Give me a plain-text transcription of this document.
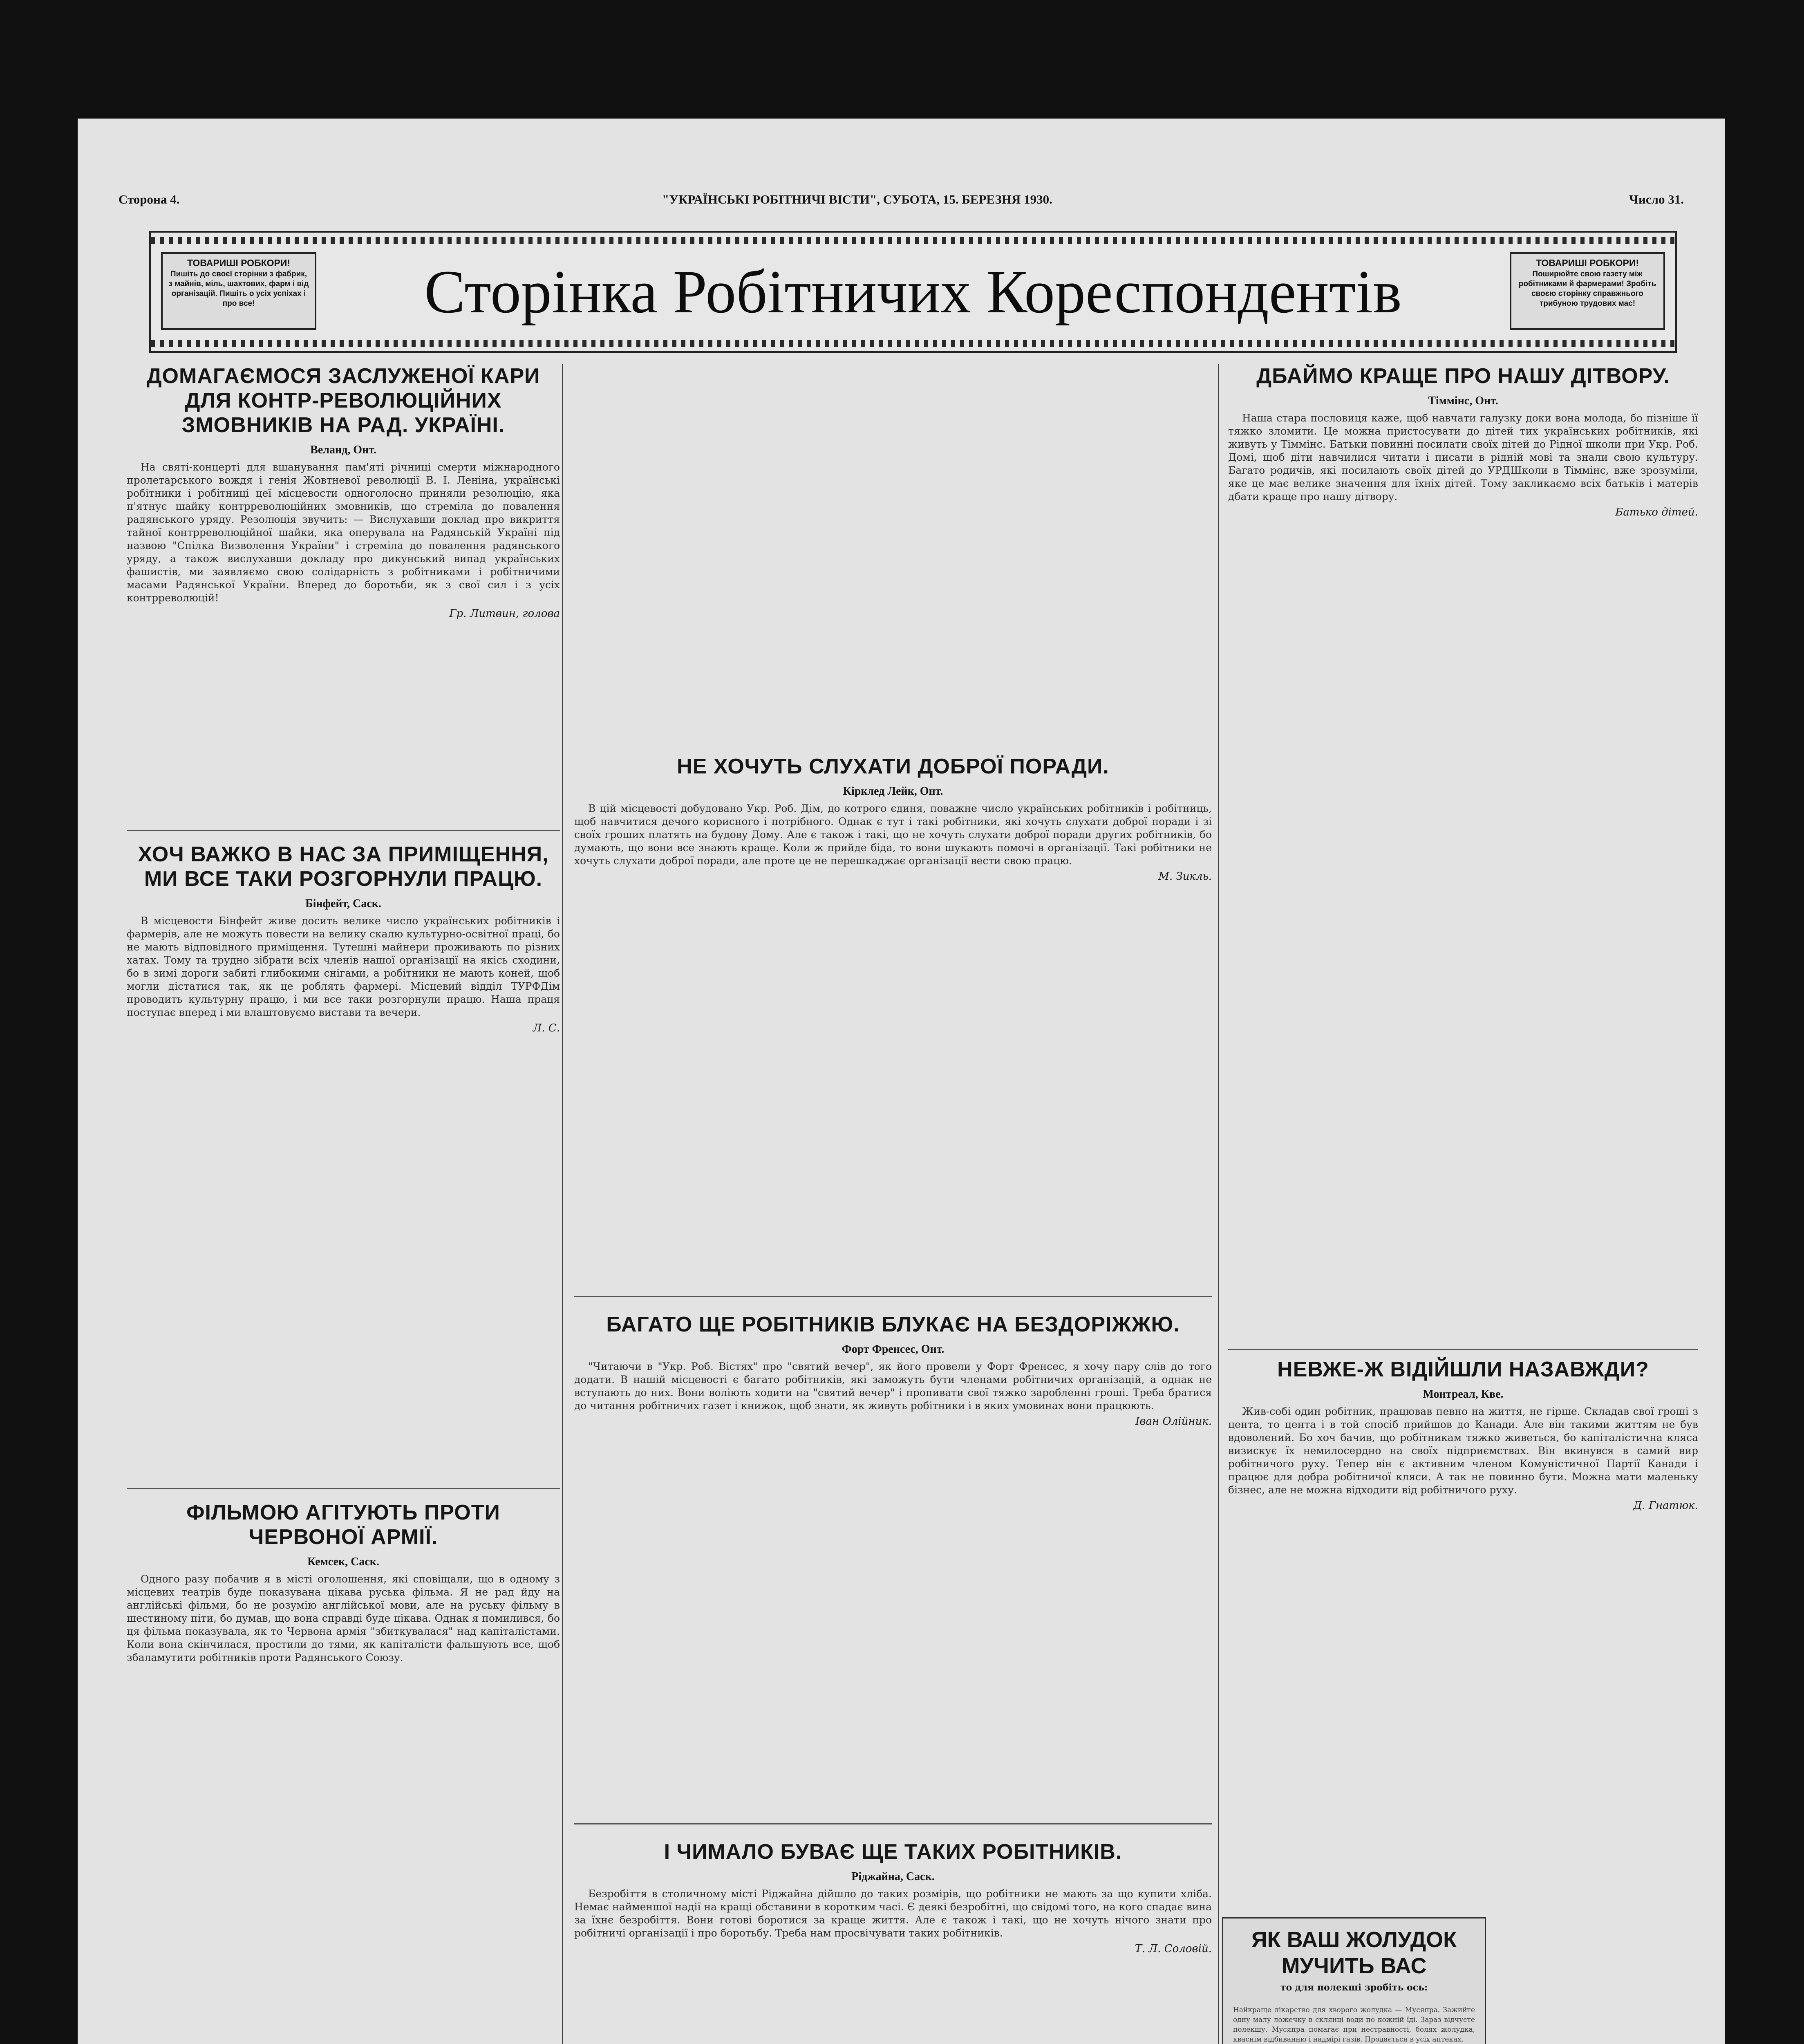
Сторона 4.	"УКРАЇНСЬКІ РОБІТНИЧІ ВІСТИ", СУБОТА, 15. БЕРЕЗНЯ 1930.	Число 31.
ТОВАРИШІ РОБКОРИ!
Пишіть до своєї сторінки з фабрик, з майнів, міль, шахтових, фарм і від організацій. Пишіть о усіх успіхах і про все!	Сторінка Робітничих Кореспондентів	ТОВАРИШІ РОБКОРИ!
Поширюйте свою газету між робітниками й фармерами! Зробіть своєю сторінку справжнього трибуною трудових мас!
ДОМАГАЄМОСЯ ЗАСЛУЖЕНОЇ КАРИ ДЛЯ КОНТР-РЕВОЛЮЦІЙНИХ ЗМОВНИКІВ НА РАД. УКРАЇНІ.
Веланд, Онт.

На святі-концерті для вшанування пам'яті річниці смерти міжнародного пролетарського вождя і генія Жовтневої революції В. І. Леніна, українські робітники і робітниці цеї місцевости одноголосно приняли резолюцію, яка п'ятнує шайку контрреволюційних змовників, що стреміла до повалення радянського уряду. Резолюція звучить: — Вислухавши доклад про викриття тайної контрреволюційної шайки, яка оперувала на Радянській Україні під назвою "Спілка Визволення України" і стреміла до повалення радянського уряду, а також вислухавши докладу про дикунський випад українських фашистів, ми заявляємо свою солідарність з робітниками і робітничими масами Радянської України. Вперед до боротьби, як з свої сил і з усіх контрреволюцій!

Гр. Литвин, голова
ХОЧ ВАЖКО В НАС ЗА ПРИМІЩЕННЯ, МИ ВСЕ ТАКИ РОЗГОРНУЛИ ПРАЦЮ.
Бінфейт, Саск.

В місцевости Бінфейт живе досить велике число українських робітників і фармерів, але не можуть повести на велику скалю культурно-освітної праці, бо не мають відповідного приміщення. Тутешні майнери проживають по різних хатах. Тому та трудно зібрати всіх членів нашої організації на якісь сходини, бо в зимі дороги забиті глибокими снігами, а робітники не мають коней, щоб могли дістатися так, як це роблять фармері. Місцевий відділ ТУРФДім проводить культурну працю, і ми все таки розгорнули працю. Наша праця поступає вперед і ми влаштовуємо вистави та вечери.

Л. С.
ФІЛЬМОЮ АГІТУЮТЬ ПРОТИ ЧЕРВОНОЇ АРМІЇ.
Кемсек, Саск.

Одного разу побачив я в місті оголошення, які сповіщали, що в одному з місцевих театрів буде показувана цікава руська фільма. Я не рад йду на англійські фільми, бо не розумію англійської мови, але на руську фільму в шестиному піти, бо думав, що вона справді буде цікава. Однак я помилився, бо ця фільма показувала, як то Червона армія "збиткувалася" над капіталістами. Коли вона скінчилася, простили до тями, як капіталісти фальшують все, щоб збаламутити робітників проти Радянського Союзу.

НЕ ХОЧУТЬ СЛУХАТИ ДОБРОЇ ПОРАДИ.
Кірклед Лейк, Онт.

В цій місцевості добудовано Укр. Роб. Дім, до котрого єдиня, поважне число українських робітників і робітниць, щоб навчитися дечого корисного і потрібного. Однак є тут і такі робітники, які хочуть слухати доброї поради і зі своїх гроших платять на будову Дому. Але є також і такі, що не хочуть слухати доброї поради других робітників, бо думають, що вони все знають краще. Коли ж прийде біда, то вони шукають помочі в організації. Такі робітники не хочуть слухати доброї поради, але проте це не перешкаджає організації вести свою працю.

М. Зикль.
БАГАТО ЩЕ РОБІТНИКІВ БЛУКАЄ НА БЕЗДОРІЖЖЮ.
Форт Френсес, Онт.

"Читаючи в "Укр. Роб. Вістях" про "святий вечер", як його провели у Форт Френсес, я хочу пару слів до того додати. В нашій місцевості є багато робітників, які заможуть бути членами робітничих організацій, а однак не вступають до них. Вони воліють ходити на "святий вечер" і пропивати свої тяжко заробленні гроші. Треба братися до читання робітничих газет і книжок, щоб знати, як живуть робітники і в яких умовинах вони працюють.

Іван Олійник.
І ЧИМАЛО БУВАЄ ЩЕ ТАКИХ РОБІТНИКІВ.
Ріджайна, Саск.

Безробіття в столичному місті Ріджайна дійшло до таких розмірів, що робітники не мають за що купити хліба. Немає найменшої надії на кращі обставини в коротким часі. Є деякі безробітні, що свідомі того, на кого спадає вина за їхнє безробіття. Вони готові боротися за краще життя. Але є також і такі, що не хочуть нічого знати про робітничі організації і про боротьбу. Треба нам просвічувати таких робітників.

Т. Л. Соловій.
ДБАЙМО КРАЩЕ ПРО НАШУ ДІТВОРУ.
Тіммінс, Онт.

Наша стара пословиця каже, щоб навчати галузку доки вона молода, бо пізніше її тяжко зломити. Це можна пристосувати до дітей тих українських робітників, які живуть у Тіммінс. Батьки повинні посилати своїх дітей до Рідної школи при Укр. Роб. Домі, щоб діти навчилися читати і писати в рідній мові та знали свою культуру. Багато родичів, які посилають своїх дітей до УРДШколи в Тіммінс, вже зрозуміли, яке це має велике значення для їхніх дітей. Тому закликаємо всіх батьків і матерів дбати краще про нашу дітвору.

Батько дітей.
НЕВЖЕ-Ж ВІДІЙШЛИ НАЗАВЖДИ?
Монтреал, Кве.

Жив-собі один робітник, працював певно на життя, не гірше. Складав свої гроші з цента, то цента і в той спосіб прийшов до Канади. Але він такими життям не був вдоволений. Бо хоч бачив, що робітникам тяжко живеться, бо капіталістична кляса визискує їх немилосердно на своїх підприємствах. Він вкинувся в самий вир робітничого руху. Тепер він є активним членом Комуністичної Партії Канади і працює для добра робітничої кляси. А так не повинно бути. Можна мати маленьку бізнес, але не можна відходити від робітничого руху.

Д. Гнатюк.
ЯК ВАШ ЖОЛУДОК МУЧИТЬ ВАС
то для полекші зробіть ось:
Найкраще лікарство для хворого жолудка — Мусяпра. Зажийте одну малу ложечку в склянці води по кожній їді. Зараз відчуєте полекшу. Мусяпра помагає при нестравності, болях жолудка, кваснім відбиванню і надмірі газів. Продається в усіх аптеках.
